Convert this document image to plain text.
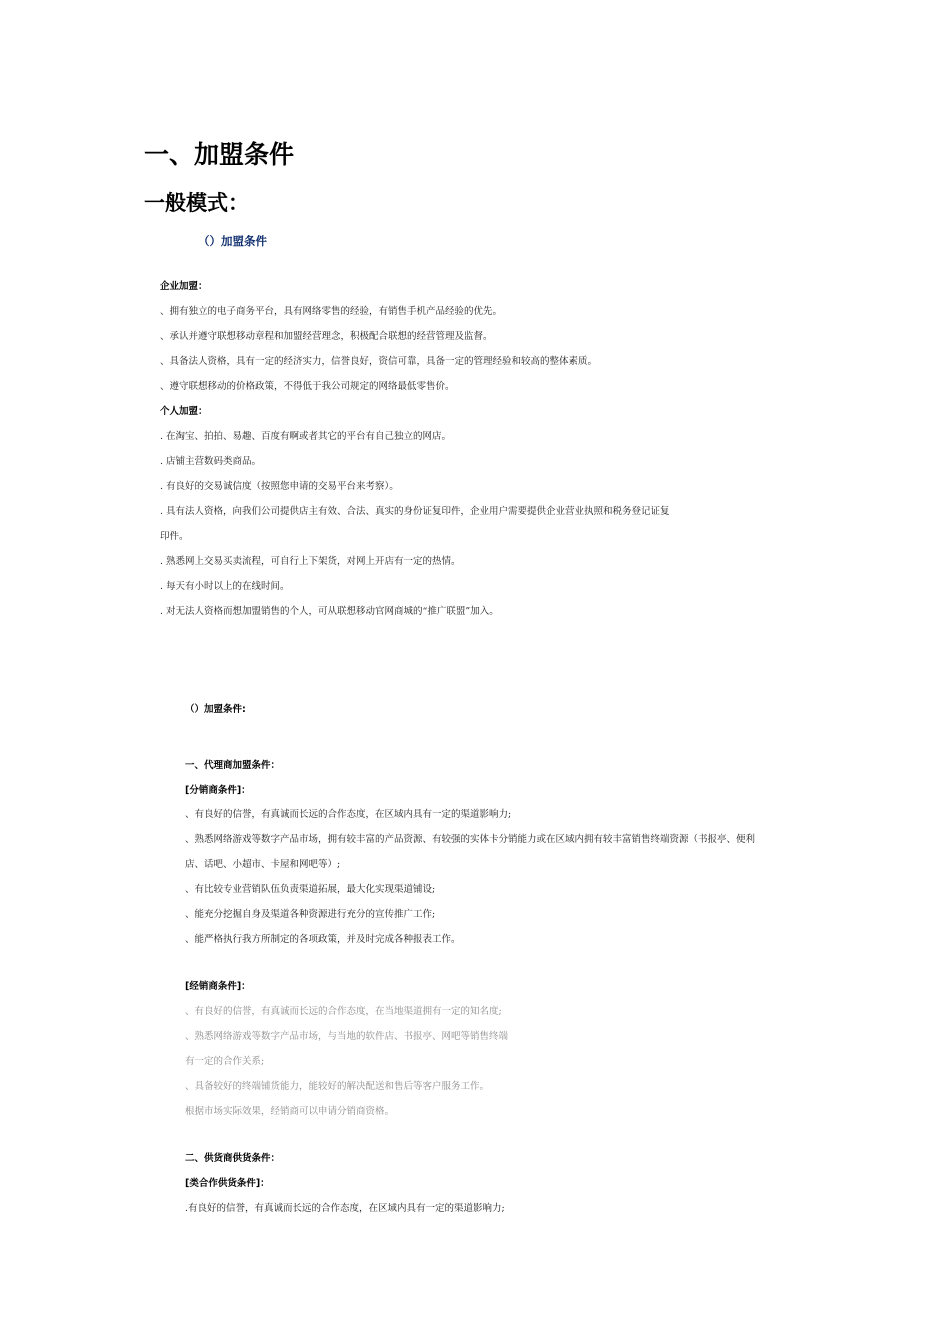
一、加盟条件
一般模式：
（）加盟条件
企业加盟：
、拥有独立的电子商务平台，具有网络零售的经验，有销售手机产品经验的优先。
、承认并遵守联想移动章程和加盟经营理念，积极配合联想的经营管理及监督。
、具备法人资格，具有一定的经济实力，信誉良好，资信可靠，具备一定的管理经验和较高的整体素质。
、遵守联想移动的价格政策，不得低于我公司规定的网络最低零售价。
个人加盟：
. 在淘宝、拍拍、易趣、百度有啊或者其它的平台有自己独立的网店。
. 店铺主营数码类商品。
. 有良好的交易诚信度（按照您申请的交易平台来考察）。
. 具有法人资格，向我们公司提供店主有效、合法、真实的身份证复印件，企业用户需要提供企业营业执照和税务登记证复
印件。
. 熟悉网上交易买卖流程，可自行上下架货，对网上开店有一定的热情。
. 每天有小时以上的在线时间。
. 对无法人资格而想加盟销售的个人，可从联想移动官网商城的“推广联盟”加入。
（）加盟条件:
一、代理商加盟条件：
[分销商条件]：
、有良好的信誉，有真诚而长远的合作态度，在区域内具有一定的渠道影响力;
、熟悉网络游戏等数字产品市场，拥有较丰富的产品资源、有较强的实体卡分销能力或在区域内拥有较丰富销售终端资源（书报亭、便利
店、话吧、小超市、卡屋和网吧等）;
、有比较专业营销队伍负责渠道拓展，最大化实现渠道铺设;
、能充分挖掘自身及渠道各种资源进行充分的宣传推广工作;
、能严格执行我方所制定的各项政策，并及时完成各种报表工作。
[经销商条件]：
、有良好的信誉，有真诚而长远的合作态度，在当地渠道拥有一定的知名度;
、熟悉网络游戏等数字产品市场，与当地的软件店、书报亭、网吧等销售终端
有一定的合作关系;
、具备较好的终端铺货能力，能较好的解决配送和售后等客户服务工作。
根据市场实际效果，经销商可以申请分销商资格。
二、供货商供货条件：
[类合作供货条件]：
.有良好的信誉，有真诚而长远的合作态度，在区域内具有一定的渠道影响力;
